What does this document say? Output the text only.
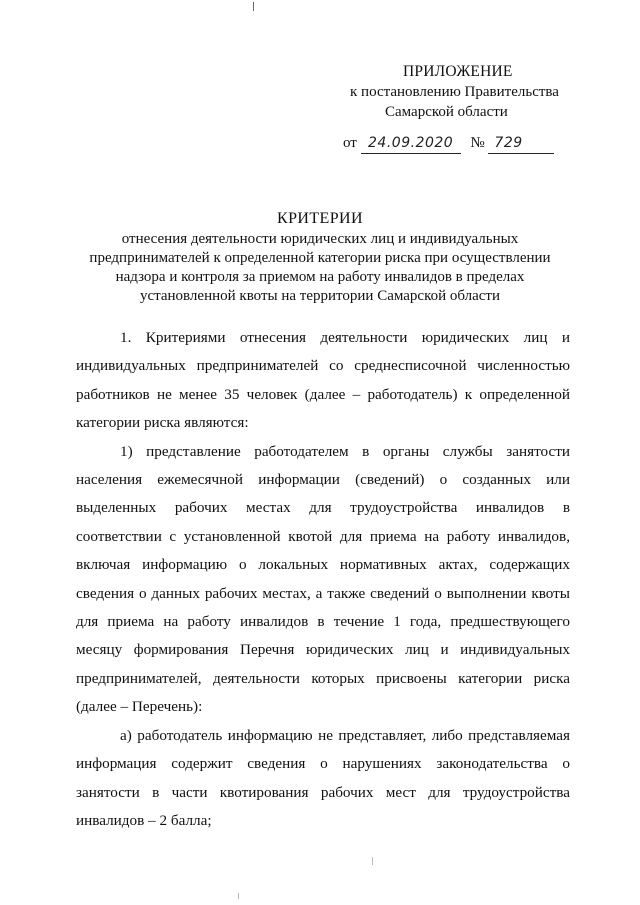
ПРИЛОЖЕНИЕ
к постановлению Правительства
Самарской области
от 24.09.2020 № 729
КРИТЕРИИ
отнесения деятельности юридических лиц и индивидуальных предпринимателей к определенной категории риска при осуществлении надзора и контроля за приемом на работу инвалидов в пределах установленной квоты на территории Самарской области

1. Критериями отнесения деятельности юридических лиц и индивидуальных предпринимателей со среднесписочной численностью работников не менее 35 человек (далее – работодатель) к определенной категории риска являются:

1) представление работодателем в органы службы занятости населения ежемесячной информации (сведений) о созданных или выделенных рабочих местах для трудоустройства инвалидов в соответствии с установленной квотой для приема на работу инвалидов, включая информацию о локальных нормативных актах, содержащих сведения о данных рабочих местах, а также сведений о выполнении квоты для приема на работу инвалидов в течение 1 года, предшествующего месяцу формирования Перечня юридических лиц и индивидуальных предпринимателей, деятельности которых присвоены категории риска (далее – Перечень):

а) работодатель информацию не представляет, либо представляемая информация содержит сведения о нарушениях законодательства о занятости в части квотирования рабочих мест для трудоустройства инвалидов – 2 балла;
